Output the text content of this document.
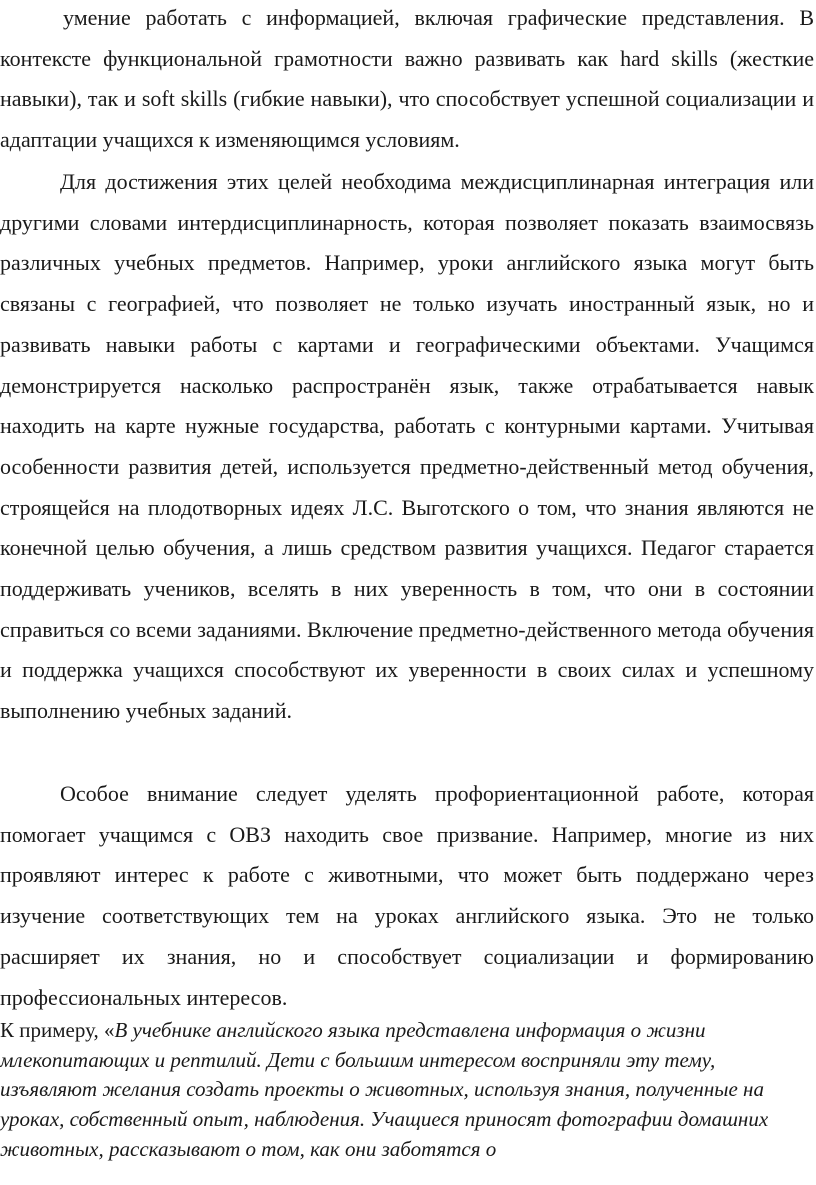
умение работать с информацией, включая графические представления. В контексте функциональной грамотности важно развивать как hard skills (жесткие навыки), так и soft skills (гибкие навыки), что способствует успешной социализации и адаптации учащихся к изменяющимся условиям.

Для достижения этих целей необходима междисциплинарная интеграция или другими словами интердисциплинарность, которая позволяет показать взаимосвязь различных учебных предметов. Например, уроки английского языка могут быть связаны с географией, что позволяет не только изучать иностранный язык, но и развивать навыки работы с картами и географическими объектами. Учащимся демонстрируется насколько распространён язык, также отрабатывается навык находить на карте нужные государства, работать с контурными картами. Учитывая особенности развития детей, используется предметно-действенный метод обучения, строящейся на плодотворных идеях Л.С. Выготского о том, что знания являются не конечной целью обучения, а лишь средством развития учащихся. Педагог старается поддерживать учеников, вселять в них уверенность в том, что они в состоянии справиться со всеми заданиями. Включение предметно-действенного метода обучения и поддержка учащихся способствуют их уверенности в своих силах и успешному выполнению учебных заданий.

Особое внимание следует уделять профориентационной работе, которая помогает учащимся с ОВЗ находить свое призвание. Например, многие из них проявляют интерес к работе с животными, что может быть поддержано через изучение соответствующих тем на уроках английского языка. Это не только расширяет их знания, но и способствует социализации и формированию профессиональных интересов.

К примеру, «В учебнике английского языка представлена информация о жизни млекопитающих и рептилий. Дети с большим интересом восприняли эту тему, изъявляют желания создать проекты о животных, используя знания, полученные на уроках, собственный опыт, наблюдения. Учащиеся приносят фотографии домашних животных, рассказывают о том, как они заботятся о
